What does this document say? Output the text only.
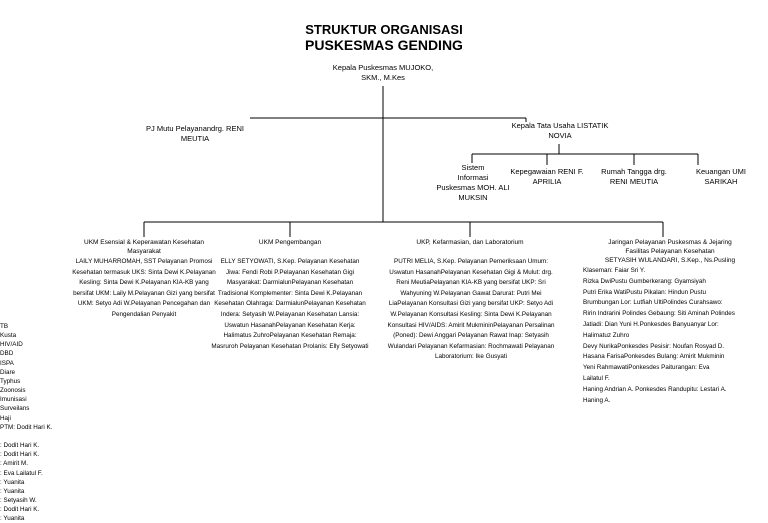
STRUKTUR ORGANISASI
PUSKESMAS GENDING
Kepala Puskesmas MUJOKO,
SKM., M.Kes
PJ Mutu Pelayanandrg. RENI
MEUTIA
Kepala Tata Usaha LISTATIK
NOVIA
Sistem
Informasi
Puskesmas MOH. ALI
MUKSIN
Kepegawaian RENI F.
APRILIA
Rumah Tangga drg.
RENI MEUTIA
Keuangan UMI
SARIKAH
UKM Esensial & Keperawatan Kesehatan
Masyarakat
LAILY MUHARROMAH, SST Pelayanan Promosi
Kesehatan termasuk UKS: Sinta Dewi K.Pelayanan
Kesling: Sinta Dewi K.Pelayanan KIA-KB yang
bersifat UKM: Laily M.Pelayanan Gizi yang bersifat
UKM: Setyo Adi W.Pelayanan Pencegahan dan
Pengendalian Penyakit
TB
Kusta
HIV/AID
DBD
ISPA
Diare
Typhus
Zoonosis
Imunisasi
Surveilans
Haji
PTM: Dodit Hari K.

: Dodit Hari K.
: Dodit Hari K.
: Amirit M.
: Eva Lailatul F.
: Yuanita
: Yuanita
: Setyasih W.
: Dodit Hari K.
: Yuanita
UKM Pengembangan
ELLY SETYOWATI, S.Kep. Pelayanan Kesehatan
Jiwa: Fendi Robi P.Pelayanan Kesehatan Gigi
Masyarakat: DarmialunPelayanan Kesehatan
Tradisional Komplementer: Sinta Dewi K.Pelayanan
Kesehatan Olahraga: DarmialunPelayanan Kesehatan
Indera: Setyasih W.Pelayanan Kesehatan Lansia:
Uswatun HasanahPelayanan Kesehatan Kerja:
Halimatus ZuhroPelayanan Kesehatan Remaja:
Masruroh Pelayanan Kesehatan Prolanis: Elly Setyowati
UKP, Kefarmasian, dan Laboratorium
PUTRI MELIA, S.Kep. Pelayanan Pemeriksaan Umum:
Uswatun HasanahPelayanan Kesehatan Gigi & Mulut: drg.
Reni MeutiaPelayanan KIA-KB yang bersifat UKP: Sri
Wahyuning W.Pelayanan Gawat Darurat: Putri Mei
LiaPelayanan Konsultasi Gizi yang bersifat UKP: Setyo Adi
W.Pelayanan Konsultasi Kesling: Sinta Dewi K.Pelayanan
Konsultasi HIV/AIDS: Amirit MukmininPelayanan Persalinan
(Poned): Dewi Anggari Pelayanan Rawat Inap: Setyasih
Wulandari Pelayanan Kefarmasian: Rochmawati Pelayanan
Laboratorium: Ike Gusyati
Jaringan Pelayanan Puskesmas & Jejaring
Fasilitas Pelayanan Kesehatan
SETYASIH WULANDARI, S.Kep., Ns.Pusling
Klaseman: Faiar Sri Y.
Rizka DwiPustu Gumberkerang: Gyamsiyah
Putri Erika WatiPustu Pikalan: Hindun Pustu
Brumbungan Lor: Lutfiah UltiPolindes Curahsawo:
Ririn Indrarini Polindes Gebaung: Siti Aminah Polindes
Jatiadi: Dian Yuni H.Ponkesdes Banyuanyar Lor:
Halimatuz Zuhro
Devy NurikaPonkesdes Pesisir: Noufan Rosyad D.
Hasana FarisaPonkesdes Bulang: Amirit Mukminin
Yeni RahmawatiPonkesdes Paiturangan: Eva
Lailatul F.
Haning Andrian A. Ponkesdes Randupitu: Lestari A.
Haning A.
